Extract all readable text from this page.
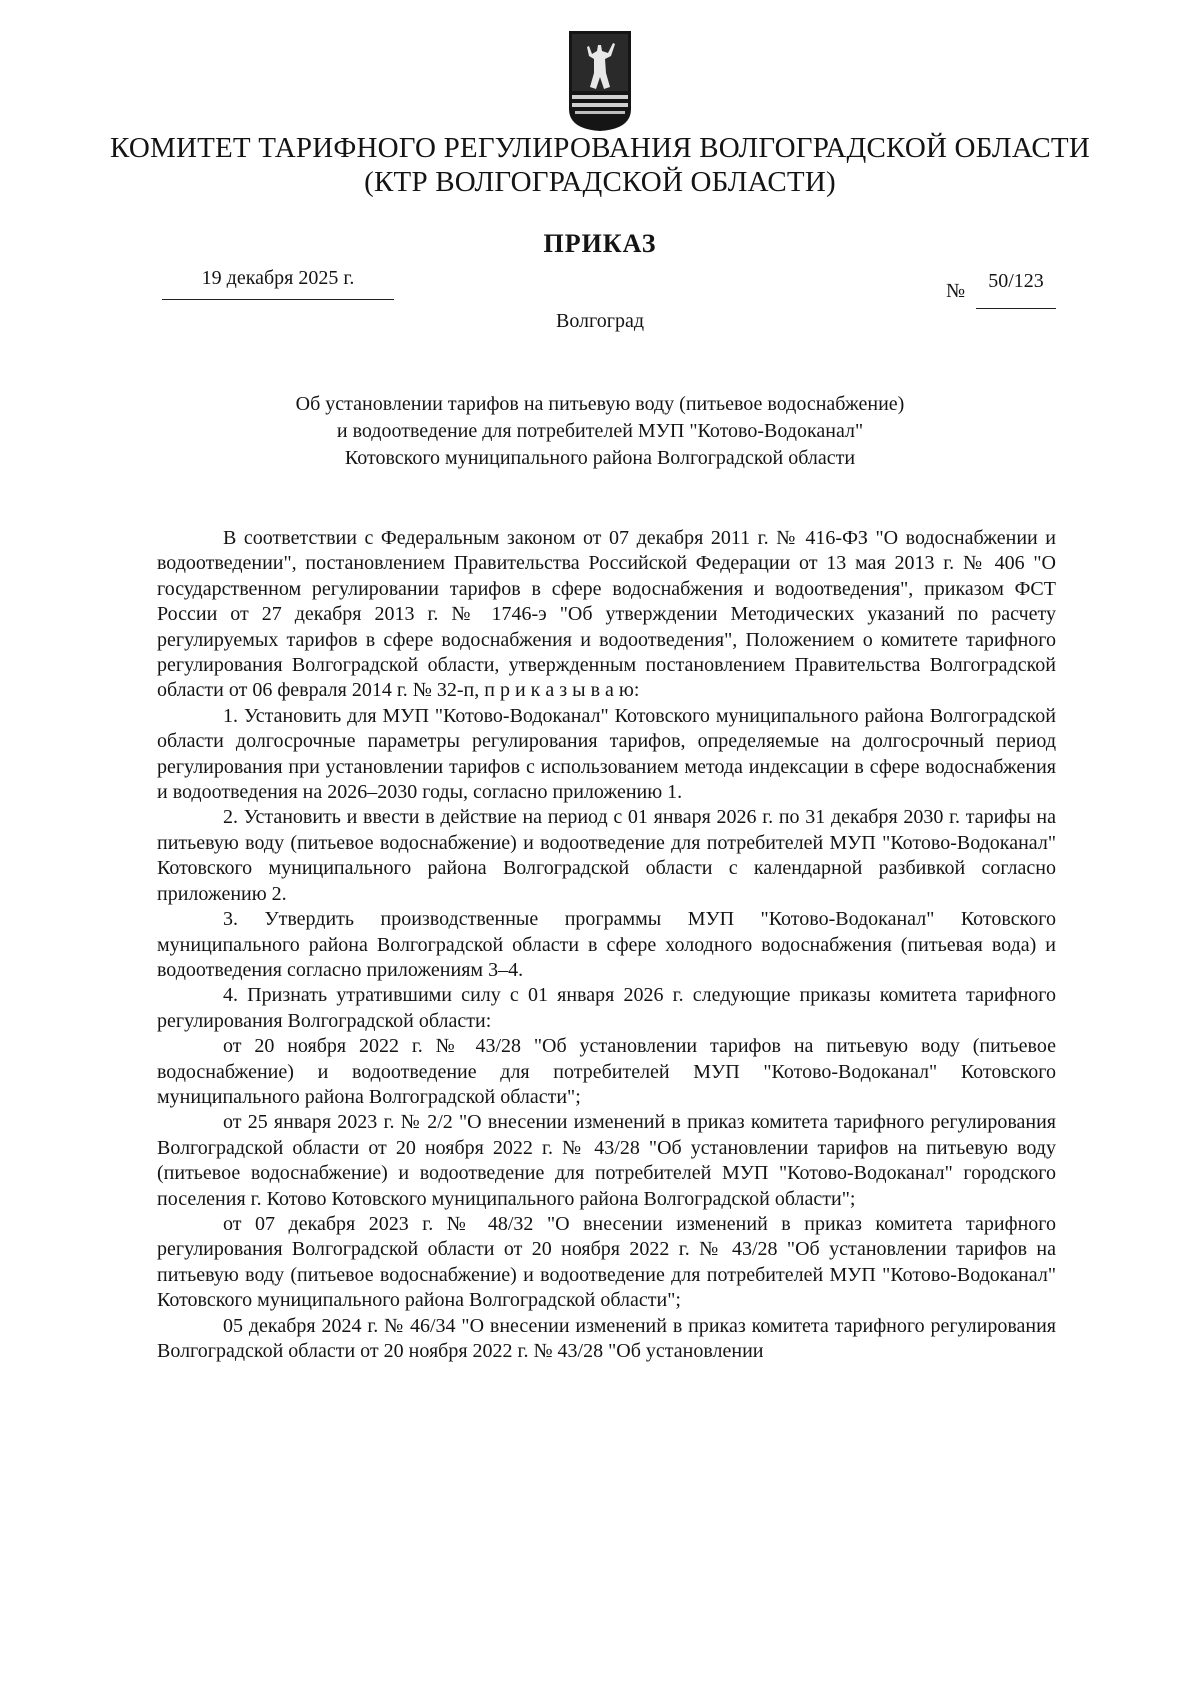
КОМИТЕТ ТАРИФНОГО РЕГУЛИРОВАНИЯ ВОЛГОГРАДСКОЙ ОБЛАСТИ
(КТР ВОЛГОГРАДСКОЙ ОБЛАСТИ)
ПРИКАЗ
19 декабря 2025 г.
№	50/123
Волгоград
Об установлении тарифов на питьевую воду (питьевое водоснабжение)
и водоотведение для потребителей МУП "Котово-Водоканал"
Котовского муниципального района Волгоградской области

В соответствии с Федеральным законом от 07 декабря 2011 г. № 416-ФЗ "О водоснабжении и водоотведении", постановлением Правительства Российской Федерации от 13 мая 2013 г. № 406 "О государственном регулировании тарифов в сфере водоснабжения и водоотведения", приказом ФСТ России от 27 декабря 2013 г. № 1746-э "Об утверждении Методических указаний по расчету регулируемых тарифов в сфере водоснабжения и водоотведения", Положением о комитете тарифного регулирования Волгоградской области, утвержденным постановлением Правительства Волгоградской области от 06 февраля 2014 г. № 32-п, п р и к а з ы в а ю:

1. Установить для МУП "Котово-Водоканал" Котовского муниципального района Волгоградской области долгосрочные параметры регулирования тарифов, определяемые на долгосрочный период регулирования при установлении тарифов с использованием метода индексации в сфере водоснабжения и водоотведения на 2026–2030 годы, согласно приложению 1.

2. Установить и ввести в действие на период с 01 января 2026 г. по 31 декабря 2030 г. тарифы на питьевую воду (питьевое водоснабжение) и водоотведение для потребителей МУП "Котово-Водоканал" Котовского муниципального района Волгоградской области с календарной разбивкой согласно приложению 2.

3. Утвердить производственные программы МУП "Котово-Водоканал" Котовского муниципального района Волгоградской области в сфере холодного водоснабжения (питьевая вода) и водоотведения согласно приложениям 3–4.

4. Признать утратившими силу с 01 января 2026 г. следующие приказы комитета тарифного регулирования Волгоградской области:

от 20 ноября 2022 г. № 43/28 "Об установлении тарифов на питьевую воду (питьевое водоснабжение) и водоотведение для потребителей МУП "Котово-Водоканал" Котовского муниципального района Волгоградской области";

от 25 января 2023 г. № 2/2 "О внесении изменений в приказ комитета тарифного регулирования Волгоградской области от 20 ноября 2022 г. № 43/28 "Об установлении тарифов на питьевую воду (питьевое водоснабжение) и водоотведение для потребителей МУП "Котово-Водоканал" городского поселения г. Котово Котовского муниципального района Волгоградской области";

от 07 декабря 2023 г. № 48/32 "О внесении изменений в приказ комитета тарифного регулирования Волгоградской области от 20 ноября 2022 г. № 43/28 "Об установлении тарифов на питьевую воду (питьевое водоснабжение) и водоотведение для потребителей МУП "Котово-Водоканал" Котовского муниципального района Волгоградской области";

05 декабря 2024 г. № 46/34 "О внесении изменений в приказ комитета тарифного регулирования Волгоградской области от 20 ноября 2022 г. № 43/28 "Об установлении
